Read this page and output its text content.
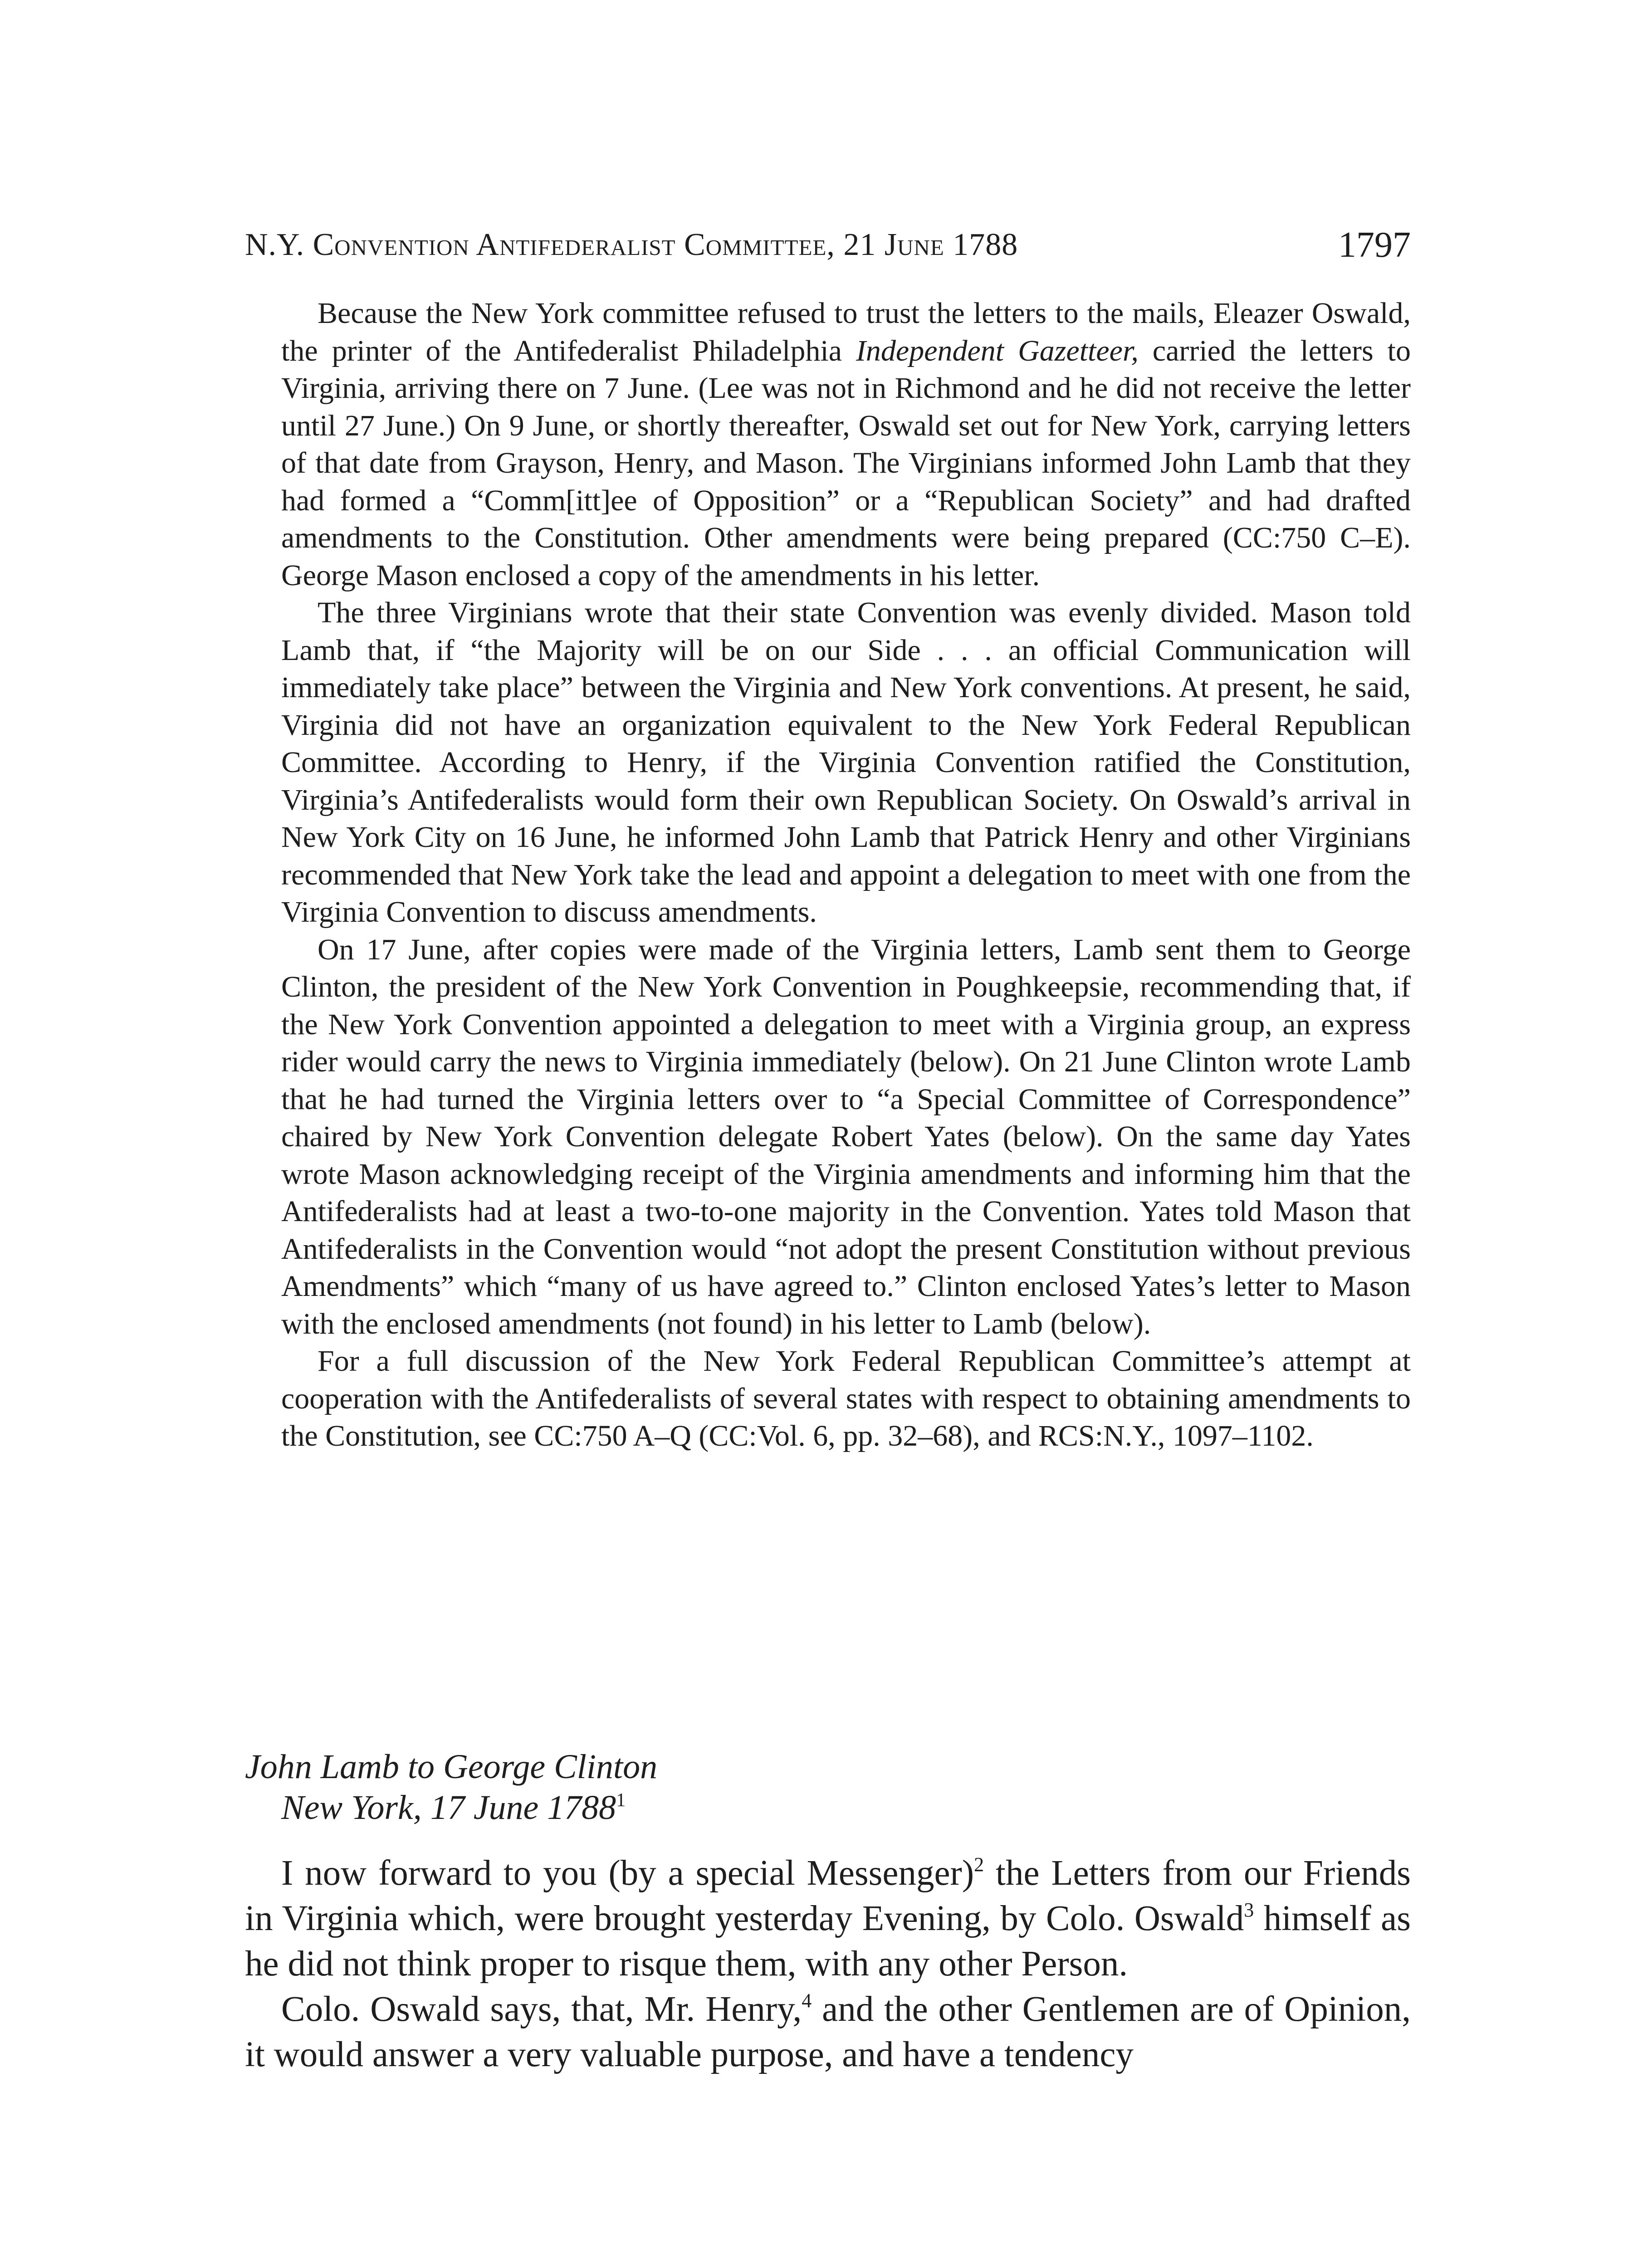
N.Y. Convention Antifederalist Committee, 21 June 1788	1797

Because the New York committee refused to trust the letters to the mails, Eleazer Oswald, the printer of the Antifederalist Philadelphia Independent Gazetteer, carried the letters to Virginia, arriving there on 7 June. (Lee was not in Richmond and he did not receive the letter until 27 June.) On 9 June, or shortly thereafter, Oswald set out for New York, carrying letters of that date from Grayson, Henry, and Mason. The Virginians informed John Lamb that they had formed a “Comm[itt]ee of Opposition” or a “Republican Society” and had drafted amendments to the Constitution. Other amendments were being prepared (CC:750 C–E). George Mason enclosed a copy of the amendments in his letter.

The three Virginians wrote that their state Convention was evenly divided. Mason told Lamb that, if “the Majority will be on our Side . . . an official Communication will immediately take place” between the Virginia and New York conventions. At present, he said, Virginia did not have an organization equivalent to the New York Federal Republican Committee. According to Henry, if the Virginia Convention ratified the Constitution, Virginia’s Antifederalists would form their own Republican Society. On Oswald’s arrival in New York City on 16 June, he informed John Lamb that Patrick Henry and other Virginians recommended that New York take the lead and appoint a delegation to meet with one from the Virginia Convention to discuss amendments.

On 17 June, after copies were made of the Virginia letters, Lamb sent them to George Clinton, the president of the New York Convention in Poughkeepsie, recommending that, if the New York Convention appointed a delegation to meet with a Virginia group, an express rider would carry the news to Virginia immediately (below). On 21 June Clinton wrote Lamb that he had turned the Virginia letters over to “a Special Committee of Correspondence” chaired by New York Convention delegate Robert Yates (below). On the same day Yates wrote Mason acknowledging receipt of the Virginia amendments and informing him that the Antifederalists had at least a two-to-one majority in the Convention. Yates told Mason that Antifederalists in the Convention would “not adopt the present Constitution without previous Amendments” which “many of us have agreed to.” Clinton enclosed Yates’s letter to Mason with the enclosed amendments (not found) in his letter to Lamb (below).

For a full discussion of the New York Federal Republican Committee’s attempt at cooperation with the Antifederalists of several states with respect to obtaining amendments to the Constitution, see CC:750 A–Q (CC:Vol. 6, pp. 32–68), and RCS:N.Y., 1097–1102.

John Lamb to George Clinton
New York, 17 June 1788$^1$

I now forward to you (by a special Messenger)$^2$ the Letters from our Friends in Virginia which, were brought yesterday Evening, by Colo. Oswald$^3$ himself as he did not think proper to risque them, with any other Person.

Colo. Oswald says, that, Mr. Henry,$^4$ and the other Gentlemen are of Opinion, it would answer a very valuable purpose, and have a tendency
